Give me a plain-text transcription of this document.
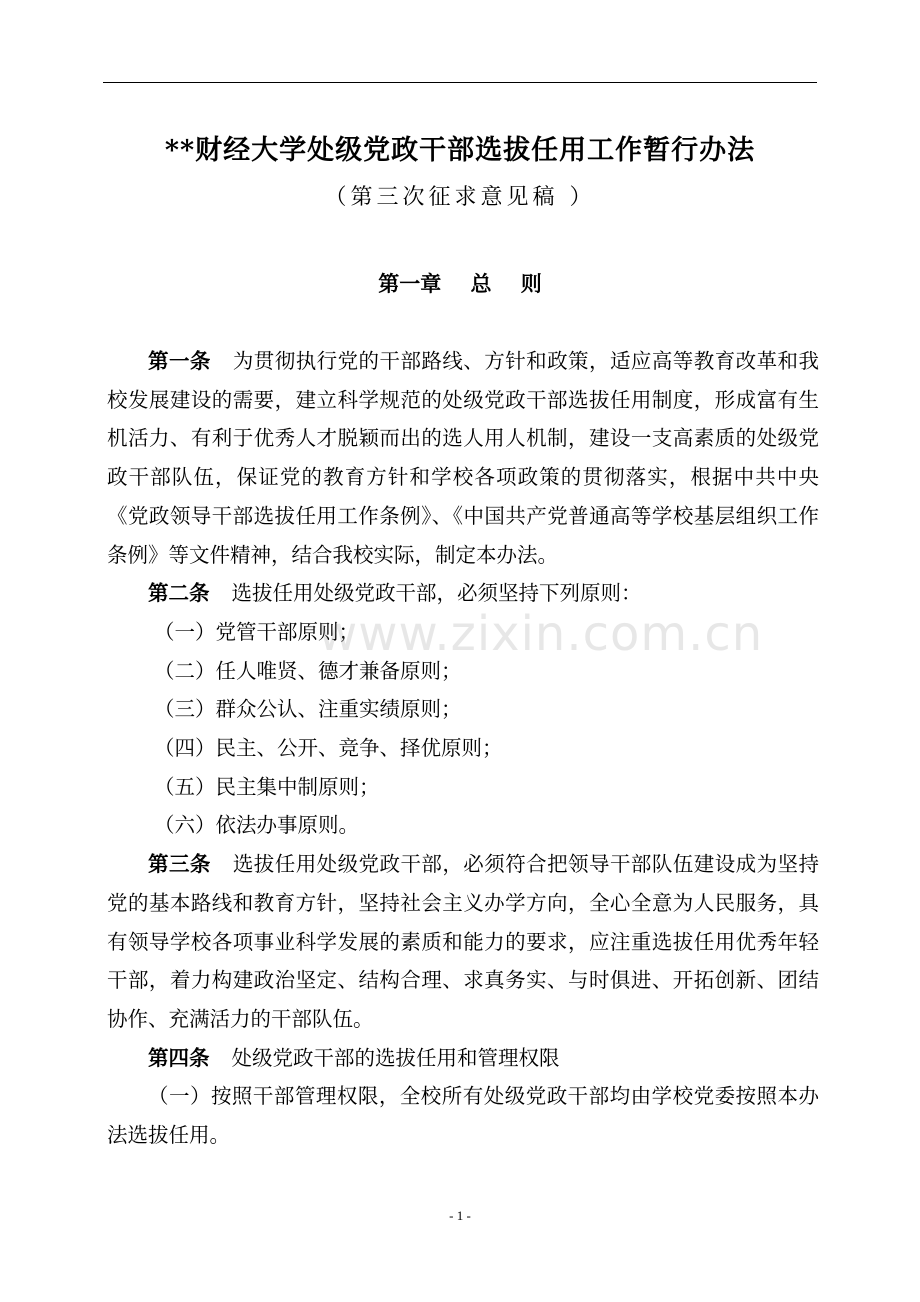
**财经大学处级党政干部选拔任用工作暂行办法
（第三次征求意见稿 ）
第一章    总    则

第一条 为贯彻执行党的干部路线、方针和政策，适应高等教育改革和我校发展建设的需要，建立科学规范的处级党政干部选拔任用制度，形成富有生机活力、有利于优秀人才脱颖而出的选人用人机制，建设一支高素质的处级党政干部队伍，保证党的教育方针和学校各项政策的贯彻落实，根据中共中央《党政领导干部选拔任用工作条例》、《中国共产党普通高等学校基层组织工作条例》等文件精神，结合我校实际，制定本办法。

第二条 选拔任用处级党政干部，必须坚持下列原则：

（一）党管干部原则；

（二）任人唯贤、德才兼备原则；

（三）群众公认、注重实绩原则；

（四）民主、公开、竞争、择优原则；

（五）民主集中制原则；

（六）依法办事原则。

第三条 选拔任用处级党政干部，必须符合把领导干部队伍建设成为坚持党的基本路线和教育方针，坚持社会主义办学方向，全心全意为人民服务，具有领导学校各项事业科学发展的素质和能力的要求，应注重选拔任用优秀年轻干部，着力构建政治坚定、结构合理、求真务实、与时俱进、开拓创新、团结协作、充满活力的干部队伍。

第四条 处级党政干部的选拔任用和管理权限

（一）按照干部管理权限，全校所有处级党政干部均由学校党委按照本办法选拔任用。

www.zixin.com.cn
- 1 -
